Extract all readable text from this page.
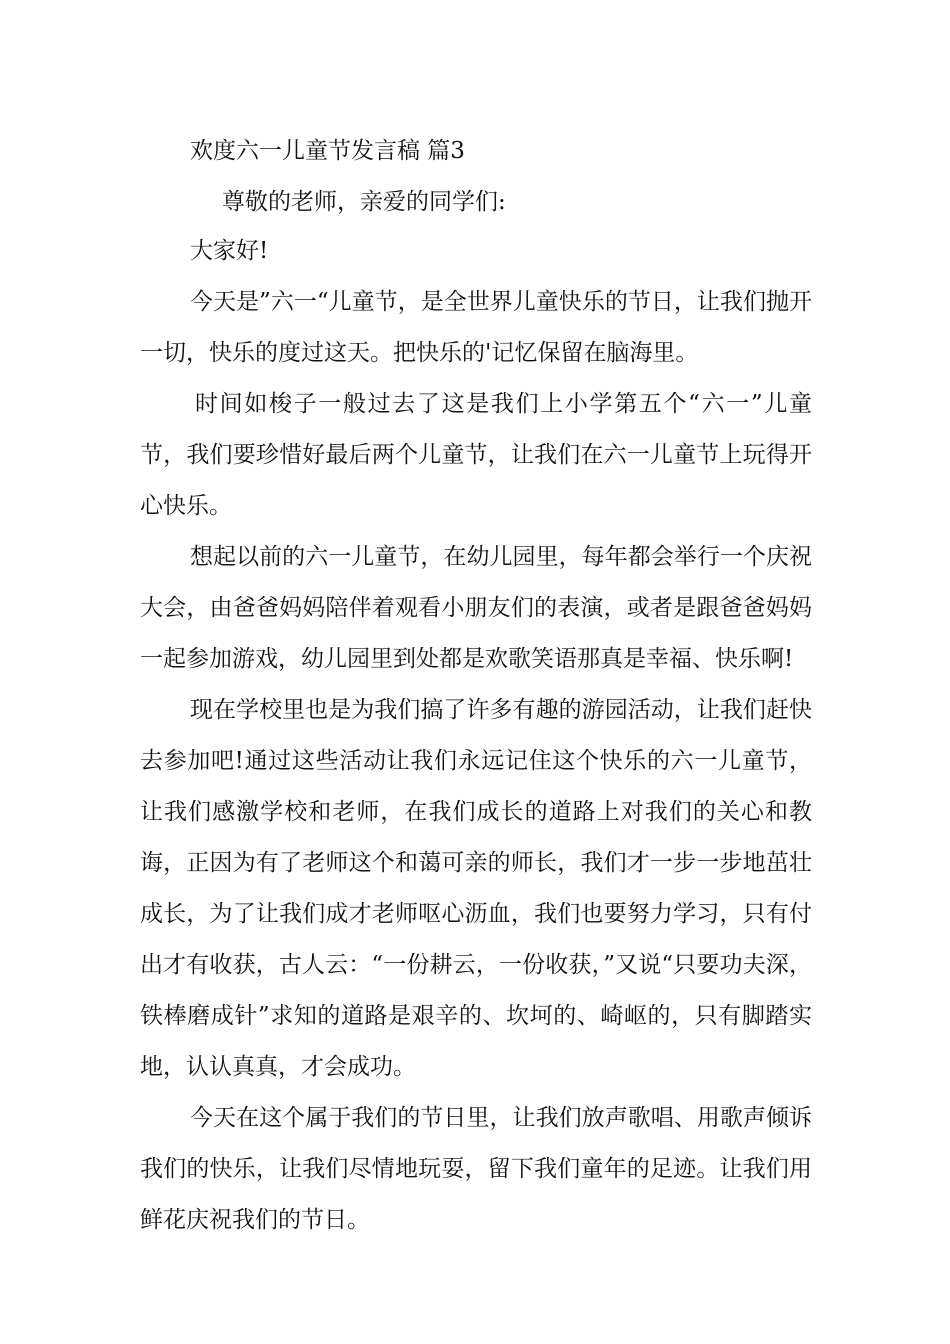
欢度六一儿童节发言稿 篇3
尊敬的老师，亲爱的同学们:
大家好!

今天是”六一“儿童节，是全世界儿童快乐的节日，让我们抛开一切，快乐的度过这天。把快乐的'记忆保留在脑海里。

时间如梭子一般过去了这是我们上小学第五个“六一”儿童节，我们要珍惜好最后两个儿童节，让我们在六一儿童节上玩得开心快乐。

想起以前的六一儿童节，在幼儿园里，每年都会举行一个庆祝大会，由爸爸妈妈陪伴着观看小朋友们的表演，或者是跟爸爸妈妈一起参加游戏，幼儿园里到处都是欢歌笑语那真是幸福、快乐啊!

现在学校里也是为我们搞了许多有趣的游园活动，让我们赶快去参加吧!通过这些活动让我们永远记住这个快乐的六一儿童节，让我们感激学校和老师，在我们成长的道路上对我们的关心和教诲，正因为有了老师这个和蔼可亲的师长，我们才一步一步地茁壮成长，为了让我们成才老师呕心沥血，我们也要努力学习，只有付出才有收获，古人云：“一份耕云，一份收获，”又说“只要功夫深，铁棒磨成针”求知的道路是艰辛的、坎坷的、崎岖的，只有脚踏实地，认认真真，才会成功。

今天在这个属于我们的节日里，让我们放声歌唱、用歌声倾诉我们的快乐，让我们尽情地玩耍，留下我们童年的足迹。让我们用鲜花庆祝我们的节日。
